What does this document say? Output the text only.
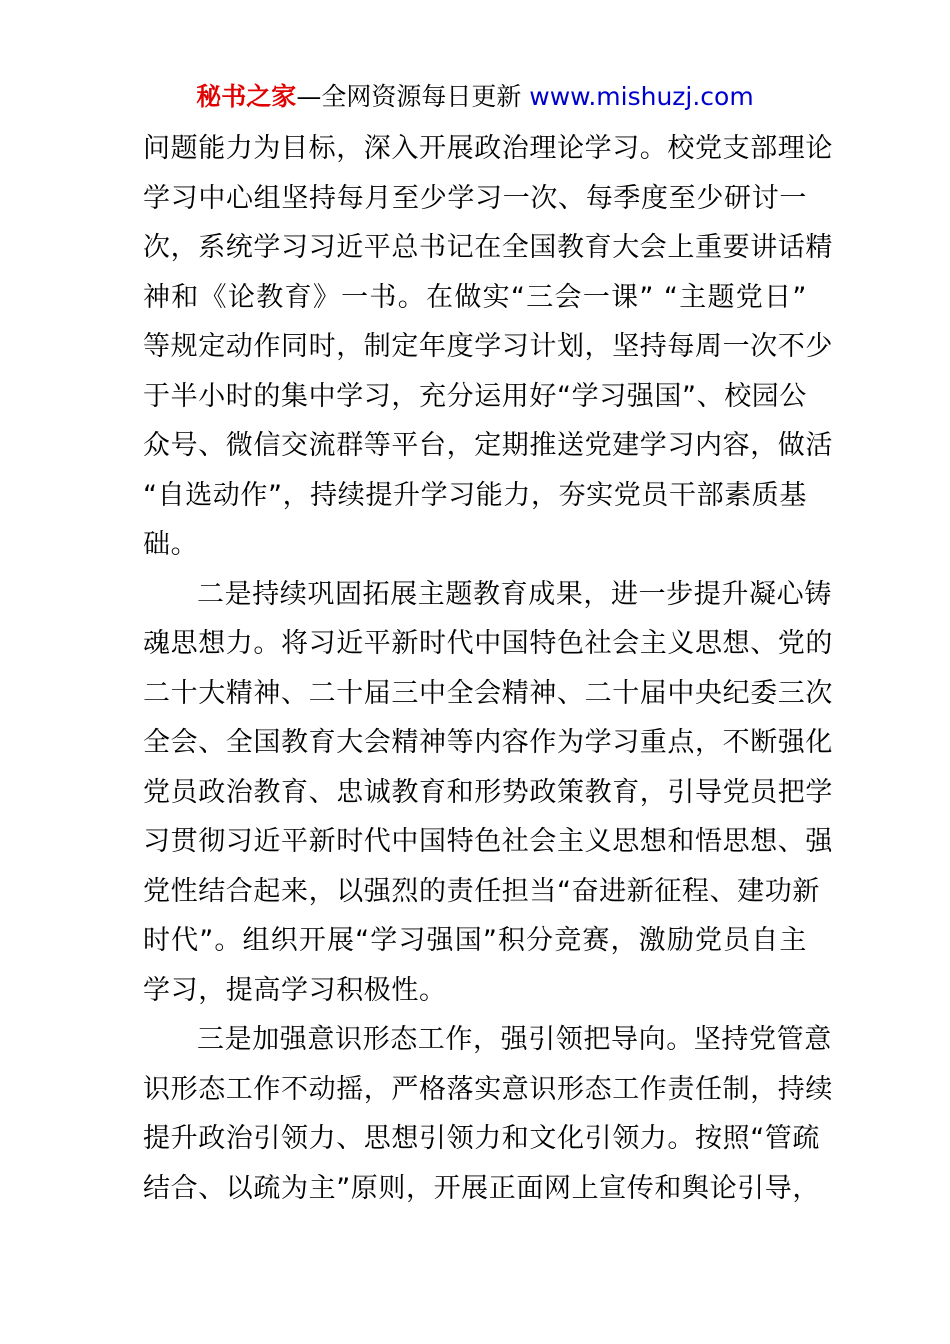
秘书之家—全网资源每日更新 www.mishuzj.com
问题能力为目标，深入开展政治理论学习。校党支部理论
学习中心组坚持每月至少学习一次、每季度至少研讨一
次，系统学习习近平总书记在全国教育大会上重要讲话精
神和《论教育》一书。在做实“三会一课” “主题党日”
等规定动作同时，制定年度学习计划，坚持每周一次不少
于半小时的集中学习，充分运用好“学习强国”、校园公
众号、微信交流群等平台，定期推送党建学习内容，做活
“自选动作”，持续提升学习能力，夯实党员干部素质基
础。
二是持续巩固拓展主题教育成果，进一步提升凝心铸
魂思想力。将习近平新时代中国特色社会主义思想、党的
二十大精神、二十届三中全会精神、二十届中央纪委三次
全会、全国教育大会精神等内容作为学习重点，不断强化
党员政治教育、忠诚教育和形势政策教育，引导党员把学
习贯彻习近平新时代中国特色社会主义思想和悟思想、强
党性结合起来，以强烈的责任担当“奋进新征程、建功新
时代”。组织开展“学习强国”积分竞赛，激励党员自主
学习，提高学习积极性。
三是加强意识形态工作，强引领把导向。坚持党管意
识形态工作不动摇，严格落实意识形态工作责任制，持续
提升政治引领力、思想引领力和文化引领力。按照“管疏
结合、以疏为主”原则，开展正面网上宣传和舆论引导，
